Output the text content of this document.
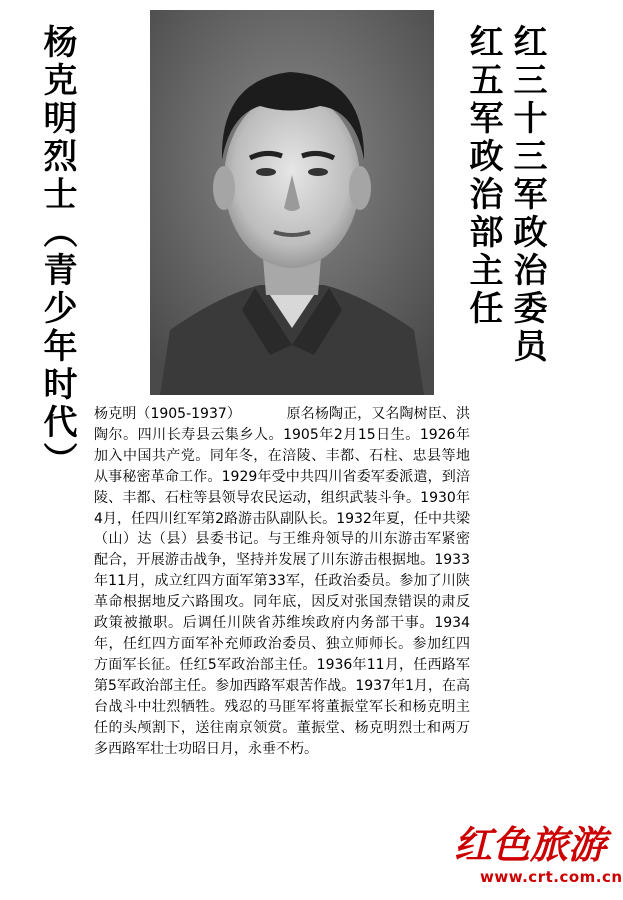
杨克明烈士（青少年时代）	红三十三军政治委员
红五军政治部主任
杨克明（1905-1937）	原名杨陶正，又名陶树臣、洪陶尔。四川长寿县云集乡人。1905年2月15日生。1926年加入中国共产党。同年冬，在涪陵、丰都、石柱、忠县等地从事秘密革命工作。1929年受中共四川省委军委派遣，到涪陵、丰都、石柱等县领导农民运动，组织武装斗争。1930年4月，任四川红军第2路游击队副队长。1932年夏，任中共梁（山）达（县）县委书记。与王维舟领导的川东游击军紧密配合，开展游击战争，坚持并发展了川东游击根据地。1933年11月，成立红四方面军第33军，任政治委员。参加了川陕革命根据地反六路围攻。同年底，因反对张国焘错误的肃反政策被撤职。后调任川陕省苏维埃政府内务部干事。1934年，任红四方面军补充师政治委员、独立师师长。参加红四方面军长征。任红5军政治部主任。1936年11月，任西路军第5军政治部主任。参加西路军艰苦作战。1937年1月，在高台战斗中壮烈牺牲。残忍的马匪军将董振堂军长和杨克明主任的头颅割下，送往南京领赏。董振堂、杨克明烈士和两万多西路军壮士功昭日月，永垂不朽。
红色旅游
www.crt.com.cn
